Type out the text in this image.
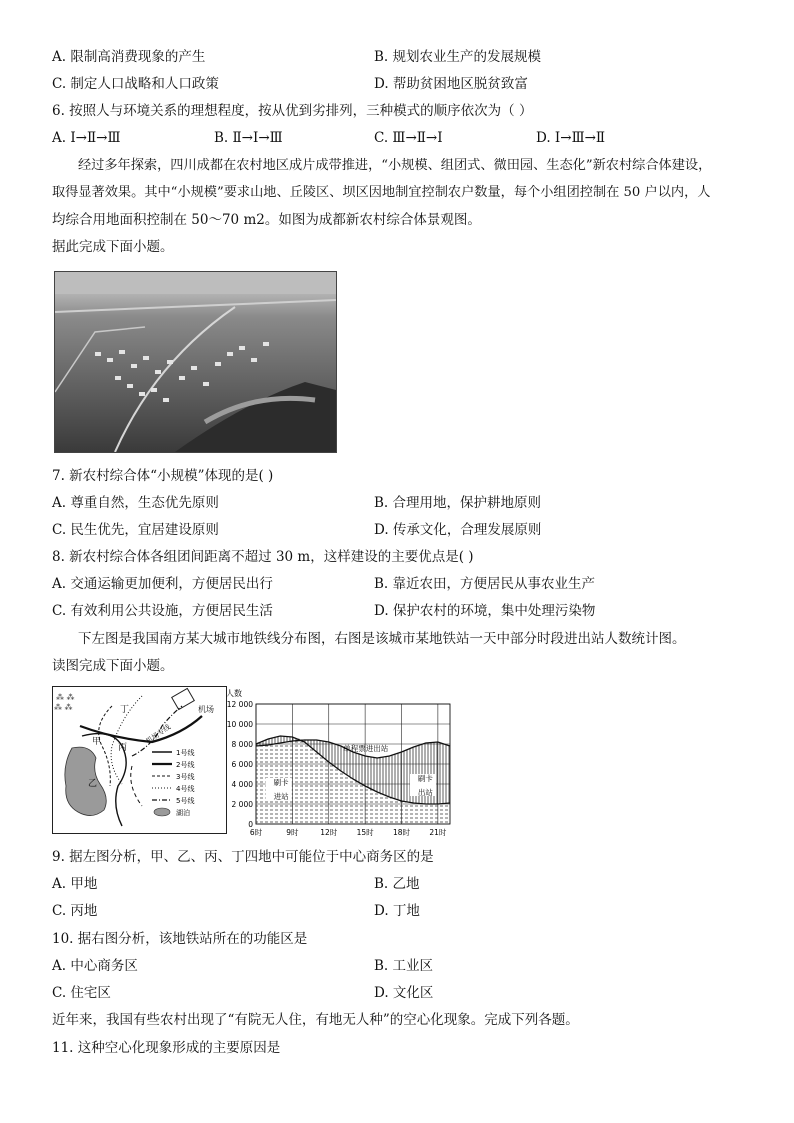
A. 限制高消费现象的产生	B. 规划农业生产的发展规模
C. 制定人口战略和人口政策	D. 帮助贫困地区脱贫致富
6. 按照人与环境关系的理想程度，按从优到劣排列，三种模式的顺序依次为（ ）
A. Ⅰ→Ⅱ→Ⅲ	B. Ⅱ→Ⅰ→Ⅲ	C. Ⅲ→Ⅱ→Ⅰ	D. Ⅰ→Ⅲ→Ⅱ
经过多年探索，四川成都在农村地区成片成带推进，“小规模、组团式、微田园、生态化”新农村综合体建设，
取得显著效果。其中“小规模”要求山地、丘陵区、坝区因地制宜控制农户数量，每个小组团控制在 50 户以内，人
均综合用地面积控制在 50～70 m2。如图为成都新农村综合体景观图。
据此完成下面小题。
7. 新农村综合体“小规模”体现的是( )
A. 尊重自然，生态优先原则	B. 合理用地，保护耕地原则
C. 民生优先，宜居建设原则	D. 传承文化，合理发展原则
8. 新农村综合体各组团间距离不超过 30 m，这样建设的主要优点是( )
A. 交通运输更加便利，方便居民出行	B. 靠近农田，方便居民从事农业生产
C. 有效利用公共设施，方便居民生活	D. 保护农村的环境，集中处理污染物
下左图是我国南方某大城市地铁线分布图，右图是该城市某地铁站一天中部分时段进出站人数统计图。
读图完成下面小题。
⁂ ⁂
⁂ ⁂	机场
机场专线
甲
乙
丙
丁
1号线
2号线
3号线
4号线
5号线
湖泊
12 000
10 000
8 000
6 000
4 000
2 000
0
6时	9时	12时	15时	18时	21时
人数
单程票进出站
刷卡
进站
刷卡
出站
9. 据左图分析，甲、乙、丙、丁四地中可能位于中心商务区的是
A. 甲地	B. 乙地
C. 丙地	D. 丁地
10. 据右图分析，该地铁站所在的功能区是
A. 中心商务区	B. 工业区
C. 住宅区	D. 文化区
近年来，我国有些农村出现了“有院无人住，有地无人种”的空心化现象。完成下列各题。
11. 这种空心化现象形成的主要原因是
